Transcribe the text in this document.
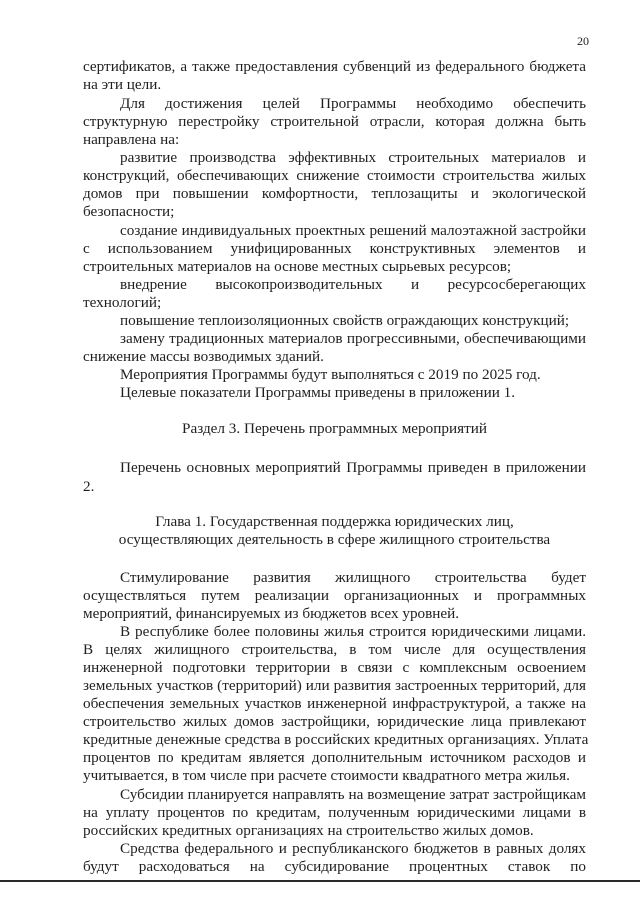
20
сертификатов, а также предоставления субвенций из федерального бюджета
на эти цели.
Для достижения целей Программы необходимо обеспечить
структурную перестройку строительной отрасли, которая должна быть
направлена на:
развитие производства эффективных строительных материалов и
конструкций, обеспечивающих снижение стоимости строительства жилых
домов при повышении комфортности, теплозащиты и экологической
безопасности;
создание индивидуальных проектных решений малоэтажной застройки
с использованием унифицированных конструктивных элементов и
строительных материалов на основе местных сырьевых ресурсов;
внедрение высокопроизводительных и ресурсосберегающих
технологий;
повышение теплоизоляционных свойств ограждающих конструкций;
замену традиционных материалов прогрессивными, обеспечивающими
снижение массы возводимых зданий.
Мероприятия Программы будут выполняться с 2019 по 2025 год.
Целевые показатели Программы приведены в приложении 1.
Раздел 3. Перечень программных мероприятий
Перечень основных мероприятий Программы приведен в приложении
2.
Глава 1. Государственная поддержка юридических лиц,
осуществляющих деятельность в сфере жилищного строительства
Стимулирование развития жилищного строительства будет
осуществляться путем реализации организационных и программных
мероприятий, финансируемых из бюджетов всех уровней.
В республике более половины жилья строится юридическими лицами.
В целях жилищного строительства, в том числе для осуществления
инженерной подготовки территории в связи с комплексным освоением
земельных участков (территорий) или развития застроенных территорий, для
обеспечения земельных участков инженерной инфраструктурой, а также на
строительство жилых домов застройщики, юридические лица привлекают
кредитные денежные средства в российских кредитных организациях. Уплата
процентов по кредитам является дополнительным источником расходов и
учитывается, в том числе при расчете стоимости квадратного метра жилья.
Субсидии планируется направлять на возмещение затрат застройщикам
на уплату процентов по кредитам, полученным юридическими лицами в
российских кредитных организациях на строительство жилых домов.
Средства федерального и республиканского бюджетов в равных долях
будут расходоваться на субсидирование процентных ставок по
